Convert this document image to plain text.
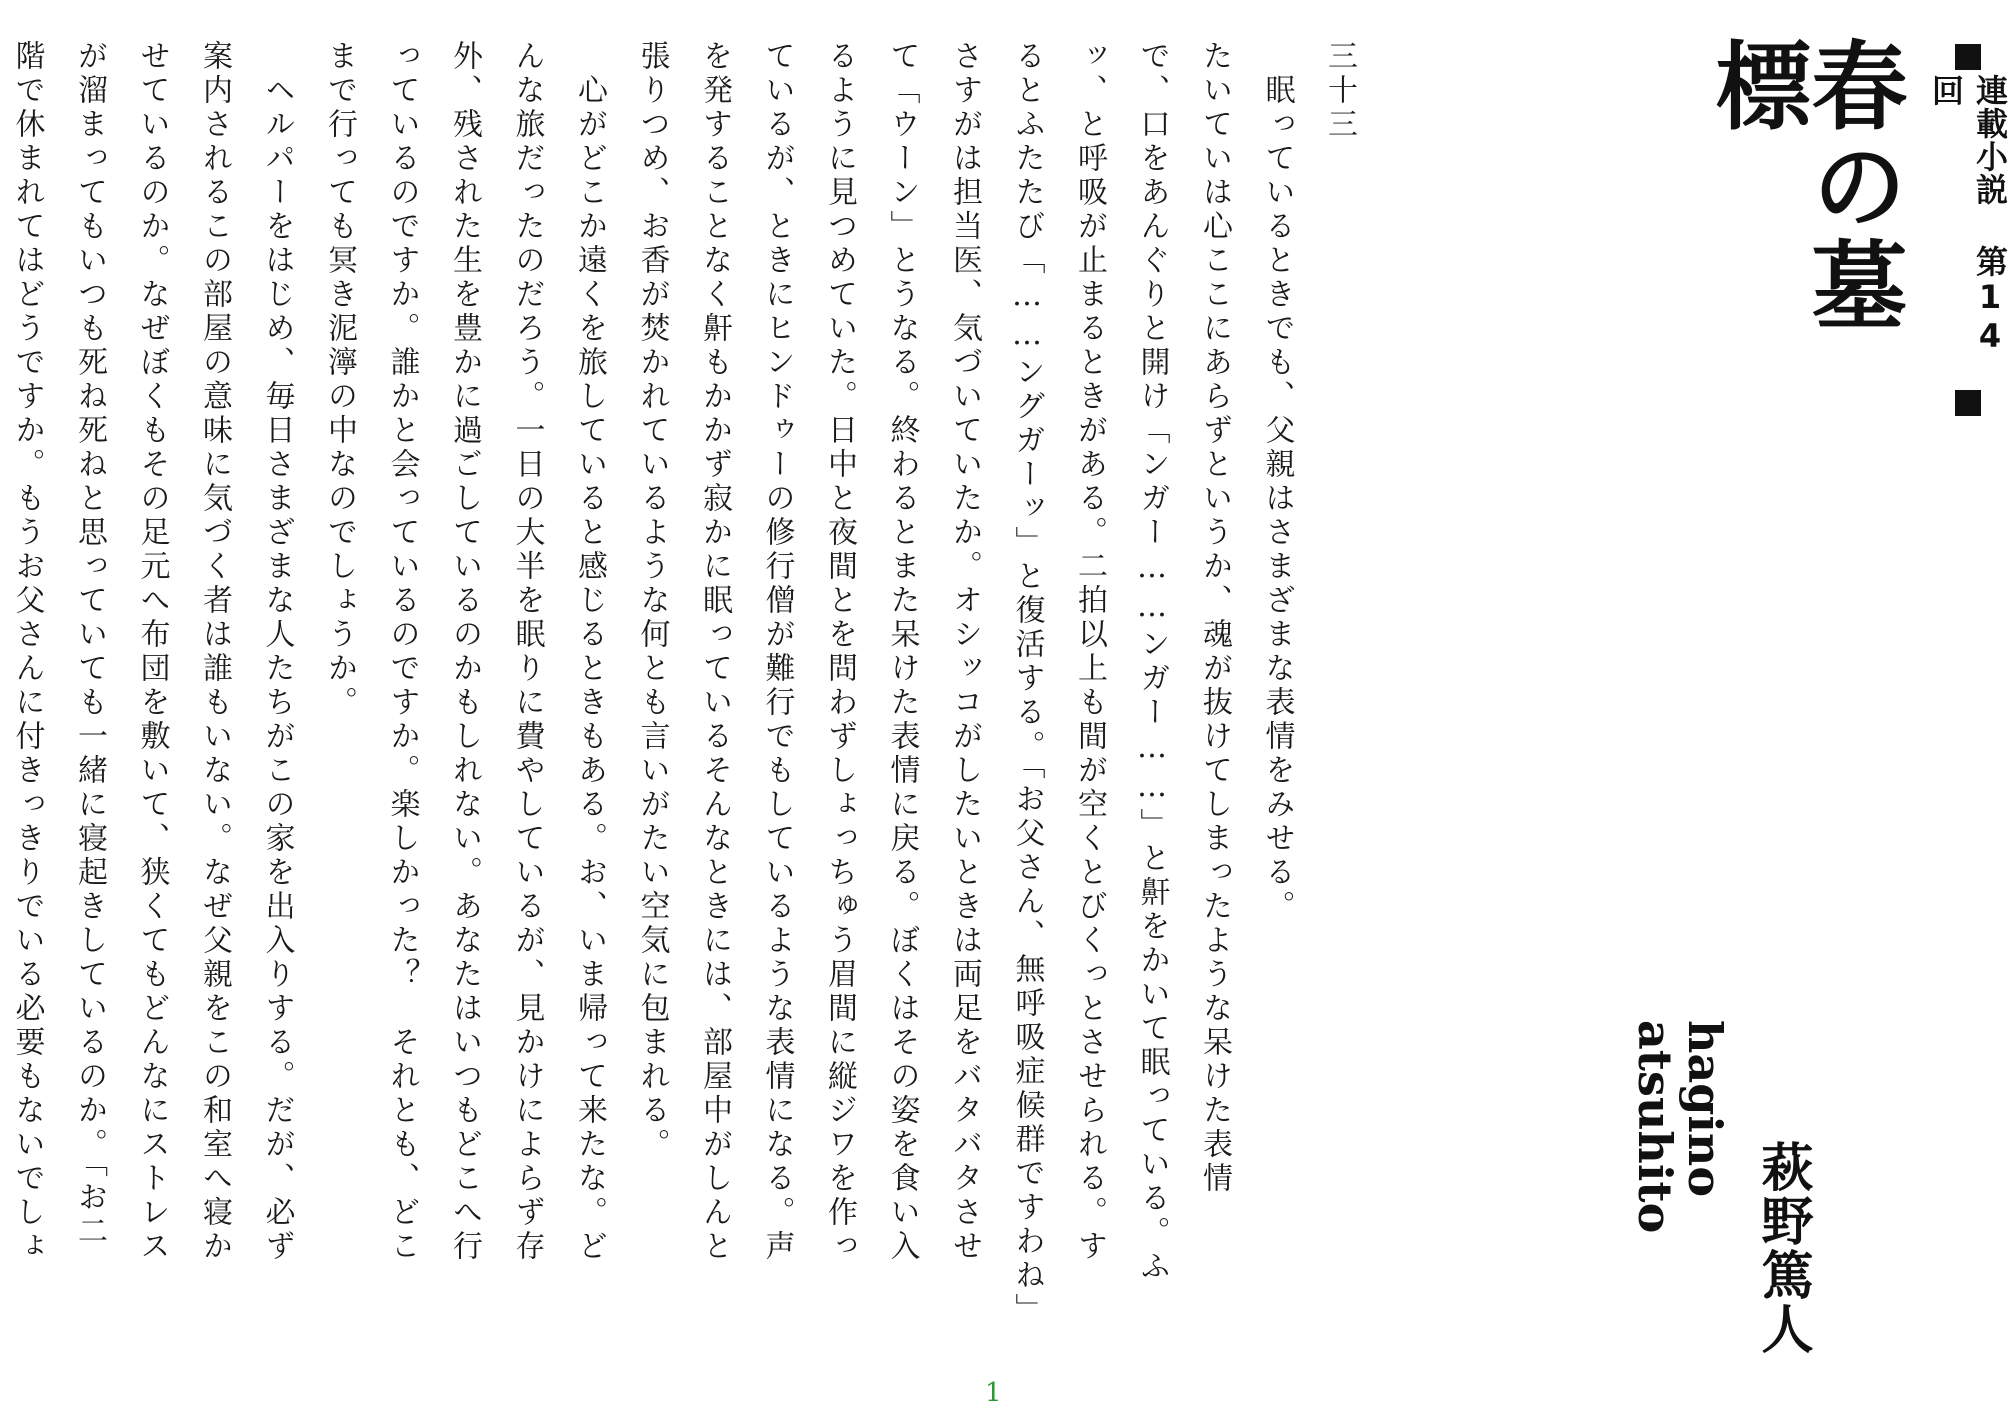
連載小説 第14回
春の墓標
萩野篤人
hagino atsuhito
三十三
　眠っているときでも、父親はさまざまな表情をみせる。
たいていは心ここにあらずというか、魂が抜けてしまったような呆けた表情
で、口をあんぐりと開け「ンガー……ンガー……」と鼾をかいて眠っている。ふ
ッ、と呼吸が止まるときがある。二拍以上も間が空くとびくっとさせられる。す
るとふたたび「……ングガーッ」と復活する。「お父さん、無呼吸症候群ですわね」
さすがは担当医、気づいていたか。オシッコがしたいときは両足をバタバタさせ
て「ウーン」とうなる。終わるとまた呆けた表情に戻る。ぼくはその姿を食い入
るように見つめていた。日中と夜間とを問わずしょっちゅう眉間に縦ジワを作っ
ているが、ときにヒンドゥーの修行僧が難行でもしているような表情になる。声
を発することなく鼾もかかず寂かに眠っているそんなときには、部屋中がしんと
張りつめ、お香が焚かれているような何とも言いがたい空気に包まれる。
　心がどこか遠くを旅していると感じるときもある。お、いま帰って来たな。ど
んな旅だったのだろう。一日の大半を眠りに費やしているが、見かけによらず存
外、残された生を豊かに過ごしているのかもしれない。あなたはいつもどこへ行
っているのですか。誰かと会っているのですか。楽しかった？　それとも、どこ
まで行っても冥き泥濘の中なのでしょうか。
　ヘルパーをはじめ、毎日さまざまな人たちがこの家を出入りする。だが、必ず
案内されるこの部屋の意味に気づく者は誰もいない。なぜ父親をこの和室へ寝か
せているのか。なぜぼくもその足元へ布団を敷いて、狭くてもどんなにストレス
が溜まってもいつも死ね死ねと思っていても一緒に寝起きしているのか。「お二
階で休まれてはどうですか。もうお父さんに付きっきりでいる必要もないでしょ
1
